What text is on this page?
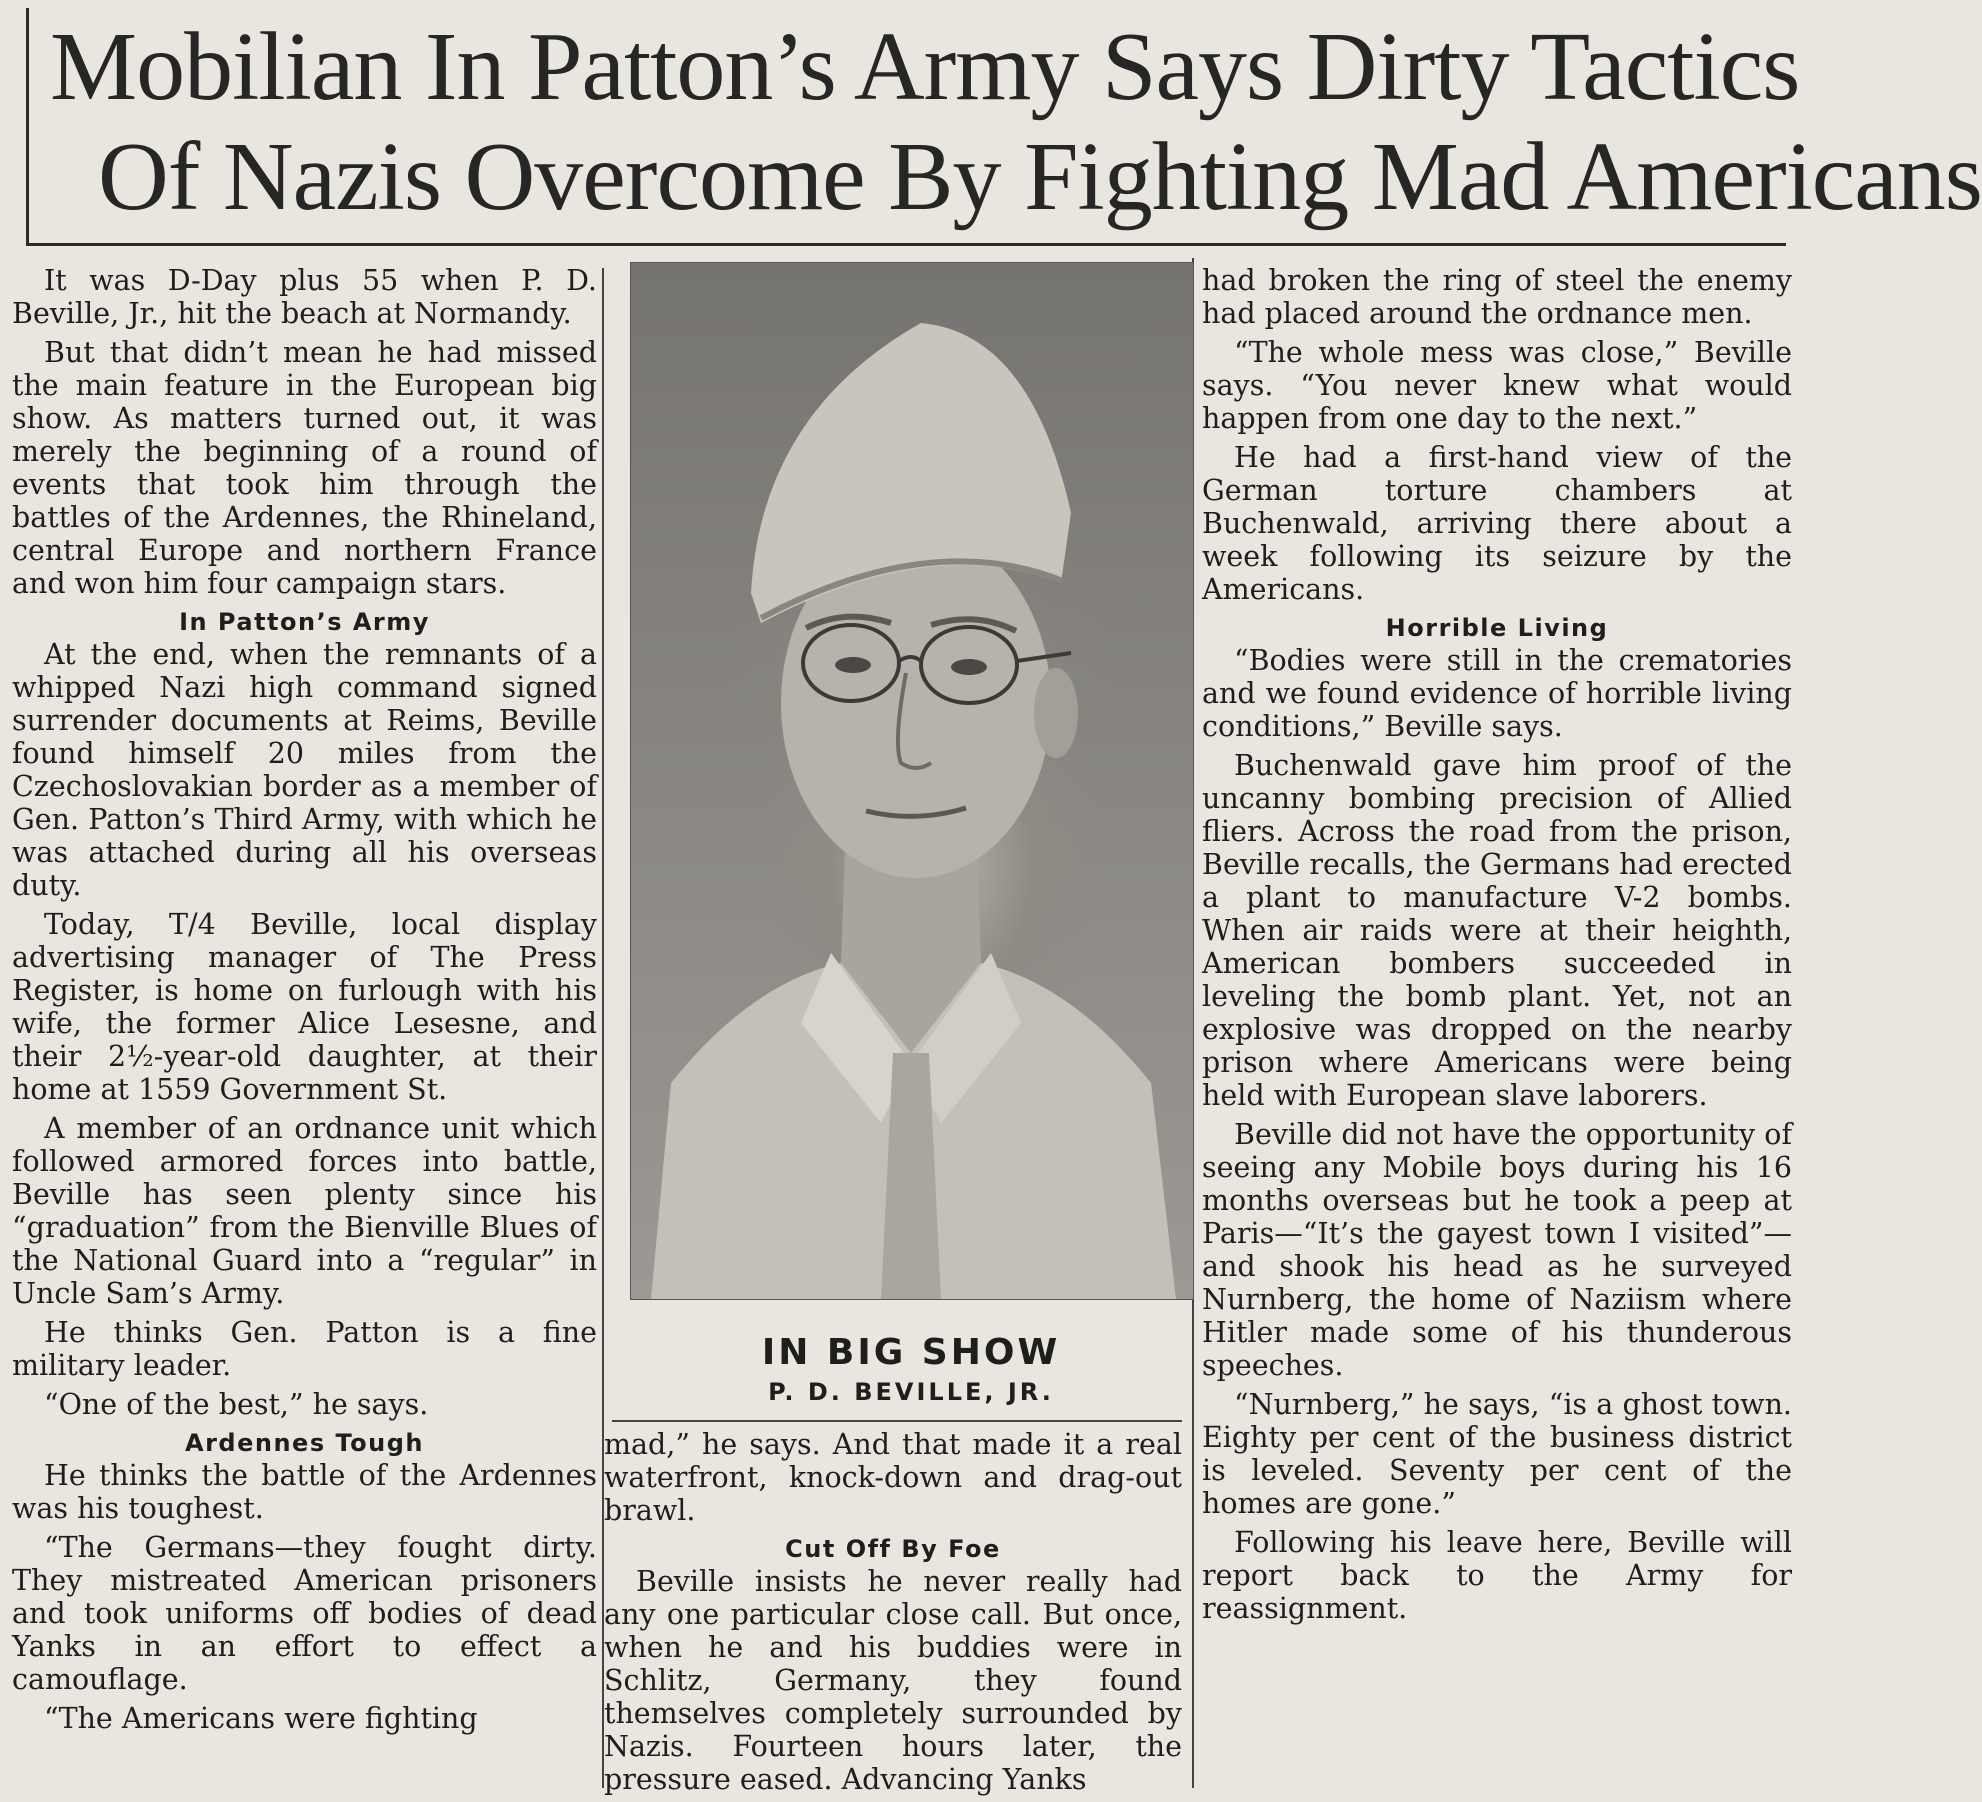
Mobilian In Patton’s Army Says Dirty Tactics
Of Nazis Overcome By Fighting Mad Americans

It was D-Day plus 55 when P. D. Beville, Jr., hit the beach at Normandy.

But that didn’t mean he had missed the main feature in the European big show. As matters turned out, it was merely the beginning of a round of events that took him through the battles of the Ardennes, the Rhineland, central Europe and northern France and won him four campaign stars.

In Patton’s Army

At the end, when the remnants of a whipped Nazi high command signed surrender documents at Reims, Beville found himself 20 miles from the Czechoslovakian border as a member of Gen. Patton’s Third Army, with which he was attached during all his overseas duty.

Today, T/4 Beville, local display advertising manager of The Press Register, is home on furlough with his wife, the former Alice Lesesne, and their 2½-year-old daughter, at their home at 1559 Government St.

A member of an ordnance unit which followed armored forces into battle, Beville has seen plenty since his “graduation” from the Bienville Blues of the National Guard into a “regular” in Uncle Sam’s Army.

He thinks Gen. Patton is a fine military leader.

“One of the best,” he says.

Ardennes Tough

He thinks the battle of the Ardennes was his toughest.

“The Germans—they fought dirty. They mistreated American prisoners and took uniforms off bodies of dead Yanks in an effort to effect a camouflage.

“The Americans were fighting

IN BIG SHOW
P. D. BEVILLE, JR.

mad,” he says. And that made it a real waterfront, knock-down and drag-out brawl.

Cut Off By Foe

Beville insists he never really had any one particular close call. But once, when he and his buddies were in Schlitz, Germany, they found themselves completely surrounded by Nazis. Fourteen hours later, the pressure eased. Advancing Yanks

had broken the ring of steel the enemy had placed around the ordnance men.

“The whole mess was close,” Beville says. “You never knew what would happen from one day to the next.”

He had a first-hand view of the German torture chambers at Buchenwald, arriving there about a week following its seizure by the Americans.

Horrible Living

“Bodies were still in the crematories and we found evidence of horrible living conditions,” Beville says.

Buchenwald gave him proof of the uncanny bombing precision of Allied fliers. Across the road from the prison, Beville recalls, the Germans had erected a plant to manufacture V-2 bombs. When air raids were at their heighth, American bombers succeeded in leveling the bomb plant. Yet, not an explosive was dropped on the nearby prison where Americans were being held with European slave laborers.

Beville did not have the opportunity of seeing any Mobile boys during his 16 months overseas but he took a peep at Paris—“It’s the gayest town I visited”—and shook his head as he surveyed Nurnberg, the home of Naziism where Hitler made some of his thunderous speeches.

“Nurnberg,” he says, “is a ghost town. Eighty per cent of the business district is leveled. Seventy per cent of the homes are gone.”

Following his leave here, Beville will report back to the Army for reassignment.
